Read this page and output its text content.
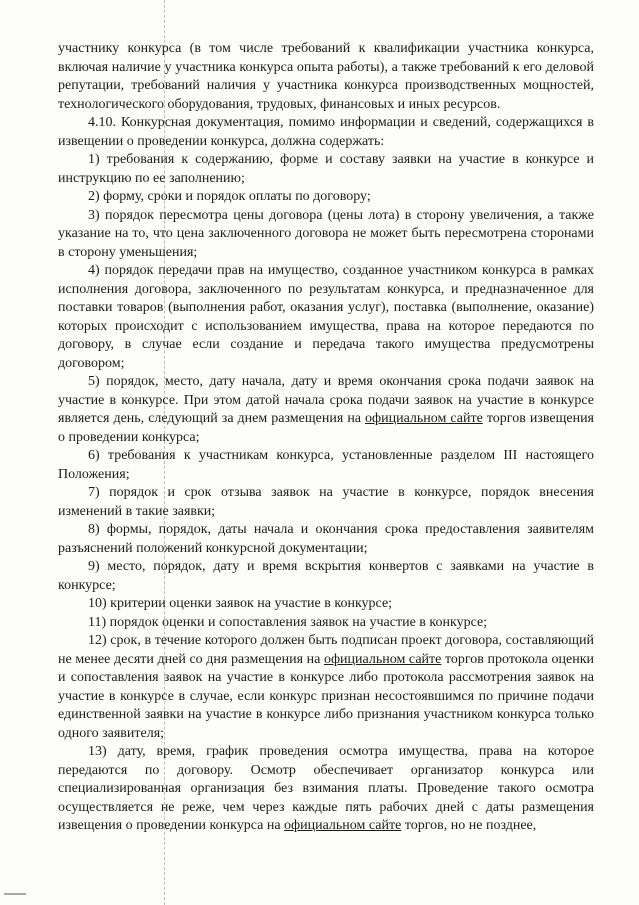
участнику конкурса (в том числе требований к квалификации участника конкурса, включая наличие у участника конкурса опыта работы), а также требований к его деловой репутации, требований наличия у участника конкурса производственных мощностей, технологического оборудования, трудовых, финансовых и иных ресурсов.

4.10. Конкурсная документация, помимо информации и сведений, содержащихся в извещении о проведении конкурса, должна содержать:

1) требования к содержанию, форме и составу заявки на участие в конкурсе и инструкцию по ее заполнению;

2) форму, сроки и порядок оплаты по договору;

3) порядок пересмотра цены договора (цены лота) в сторону увеличения, а также указание на то, что цена заключенного договора не может быть пересмотрена сторонами в сторону уменьшения;

4) порядок передачи прав на имущество, созданное участником конкурса в рамках исполнения договора, заключенного по результатам конкурса, и предназначенное для поставки товаров (выполнения работ, оказания услуг), поставка (выполнение, оказание) которых происходит с использованием имущества, права на которое передаются по договору, в случае если создание и передача такого имущества предусмотрены договором;

5) порядок, место, дату начала, дату и время окончания срока подачи заявок на участие в конкурсе. При этом датой начала срока подачи заявок на участие в конкурсе является день, следующий за днем размещения на официальном сайте торгов извещения о проведении конкурса;

6) требования к участникам конкурса, установленные разделом III настоящего Положения;

7) порядок и срок отзыва заявок на участие в конкурсе, порядок внесения изменений в такие заявки;

8) формы, порядок, даты начала и окончания срока предоставления заявителям разъяснений положений конкурсной документации;

9) место, порядок, дату и время вскрытия конвертов с заявками на участие в конкурсе;

10) критерии оценки заявок на участие в конкурсе;

11) порядок оценки и сопоставления заявок на участие в конкурсе;

12) срок, в течение которого должен быть подписан проект договора, составляющий не менее десяти дней со дня размещения на официальном сайте торгов протокола оценки и сопоставления заявок на участие в конкурсе либо протокола рассмотрения заявок на участие в конкурсе в случае, если конкурс признан несостоявшимся по причине подачи единственной заявки на участие в конкурсе либо признания участником конкурса только одного заявителя;

13) дату, время, график проведения осмотра имущества, права на которое передаются по договору. Осмотр обеспечивает организатор конкурса или специализированная организация без взимания платы. Проведение такого осмотра осуществляется не реже, чем через каждые пять рабочих дней с даты размещения извещения о проведении конкурса на официальном сайте торгов, но не позднее,
